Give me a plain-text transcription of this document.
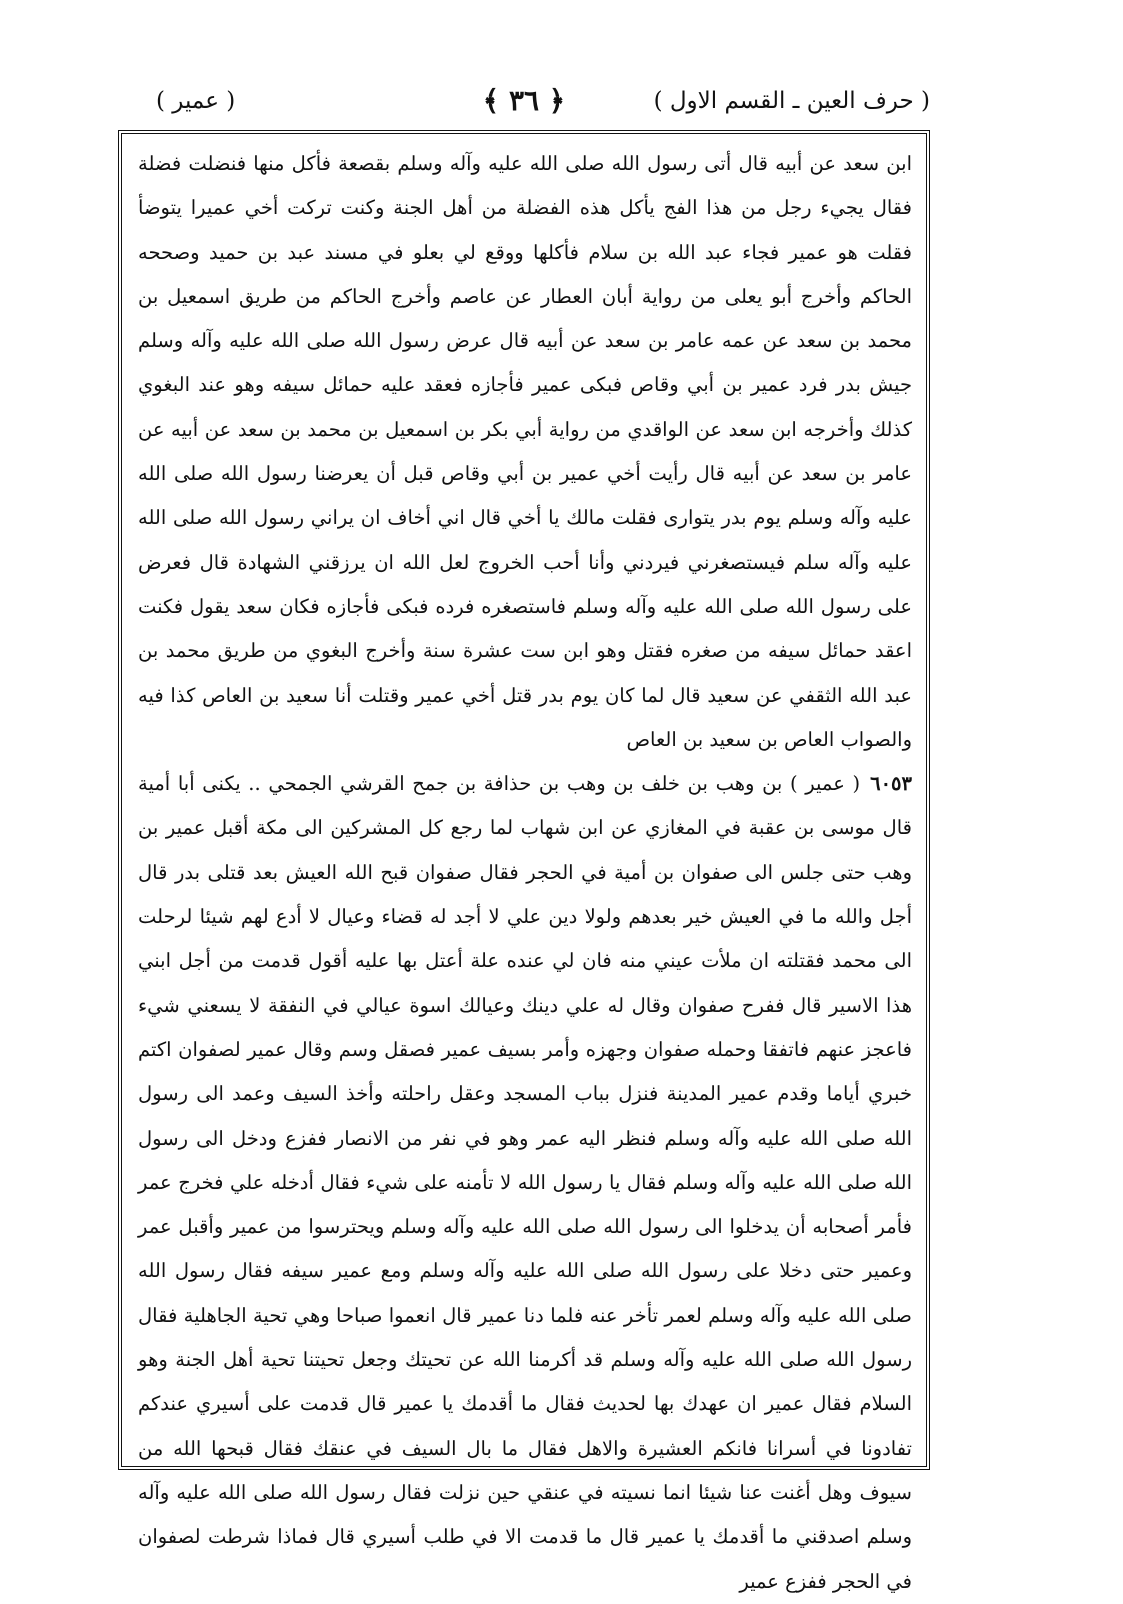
( حرف العين ـ القسم الاول )
﴿ ٣٦ ﴾
( عمير )

ابن سعد عن أبيه قال أتى رسول الله صلى الله عليه وآله وسلم بقصعة فأكل منها فنضلت فضلة فقال يجيء رجل من هذا الفج يأكل هذه الفضلة من أهل الجنة وكنت تركت أخي عميرا يتوضأ فقلت هو عمير فجاء عبد الله بن سلام فأكلها ووقع لي بعلو في مسند عبد بن حميد وصححه الحاكم وأخرج أبو يعلى من رواية أبان العطار عن عاصم وأخرج الحاكم من طريق اسمعيل بن محمد بن سعد عن عمه عامر بن سعد عن أبيه قال عرض رسول الله صلى الله عليه وآله وسلم جيش بدر فرد عمير بن أبي وقاص فبكى عمير فأجازه فعقد عليه حمائل سيفه وهو عند البغوي كذلك وأخرجه ابن سعد عن الواقدي من رواية أبي بكر بن اسمعيل بن محمد بن سعد عن أبيه عن عامر بن سعد عن أبيه قال رأيت أخي عمير بن أبي وقاص قبل أن يعرضنا رسول الله صلى الله عليه وآله وسلم يوم بدر يتوارى فقلت مالك يا أخي قال اني أخاف ان يراني رسول الله صلى الله عليه وآله سلم فيستصغرني فيردني وأنا أحب الخروج لعل الله ان يرزقني الشهادة قال فعرض على رسول الله صلى الله عليه وآله وسلم فاستصغره فرده فبكى فأجازه فكان سعد يقول فكنت اعقد حمائل سيفه من صغره فقتل وهو ابن ست عشرة سنة وأخرج البغوي من طريق محمد بن عبد الله الثقفي عن سعيد قال لما كان يوم بدر قتل أخي عمير وقتلت أنا سعيد بن العاص كذا فيه والصواب العاص بن سعيد بن العاص

٦٠٥٣( عمير ) بن وهب بن خلف بن وهب بن حذافة بن جمح القرشي الجمحي .. يكنى أبا أمية قال موسى بن عقبة في المغازي عن ابن شهاب لما رجع كل المشركين الى مكة أقبل عمير بن وهب حتى جلس الى صفوان بن أمية في الحجر فقال صفوان قبح الله العيش بعد قتلى بدر قال أجل والله ما في العيش خير بعدهم ولولا دين علي لا أجد له قضاء وعيال لا أدع لهم شيئا لرحلت الى محمد فقتلته ان ملأت عيني منه فان لي عنده علة أعتل بها عليه أقول قدمت من أجل ابني هذا الاسير قال ففرح صفوان وقال له علي دينك وعيالك اسوة عيالي في النفقة لا يسعني شيء فاعجز عنهم فاتفقا وحمله صفوان وجهزه وأمر بسيف عمير فصقل وسم وقال عمير لصفوان اكتم خبري أياما وقدم عمير المدينة فنزل بباب المسجد وعقل راحلته وأخذ السيف وعمد الى رسول الله صلى الله عليه وآله وسلم فنظر اليه عمر وهو في نفر من الانصار ففزع ودخل الى رسول الله صلى الله عليه وآله وسلم فقال يا رسول الله لا تأمنه على شيء فقال أدخله علي فخرج عمر فأمر أصحابه أن يدخلوا الى رسول الله صلى الله عليه وآله وسلم ويحترسوا من عمير وأقبل عمر وعمير حتى دخلا على رسول الله صلى الله عليه وآله وسلم ومع عمير سيفه فقال رسول الله صلى الله عليه وآله وسلم لعمر تأخر عنه فلما دنا عمير قال انعموا صباحا وهي تحية الجاهلية فقال رسول الله صلى الله عليه وآله وسلم قد أكرمنا الله عن تحيتك وجعل تحيتنا تحية أهل الجنة وهو السلام فقال عمير ان عهدك بها لحديث فقال ما أقدمك يا عمير قال قدمت على أسيري عندكم تفادونا في أسرانا فانكم العشيرة والاهل فقال ما بال السيف في عنقك فقال قبحها الله من سيوف وهل أغنت عنا شيئا انما نسيته في عنقي حين نزلت فقال رسول الله صلى الله عليه وآله وسلم اصدقني ما أقدمك يا عمير قال ما قدمت الا في طلب أسيري قال فماذا شرطت لصفوان في الحجر ففزع عمير
